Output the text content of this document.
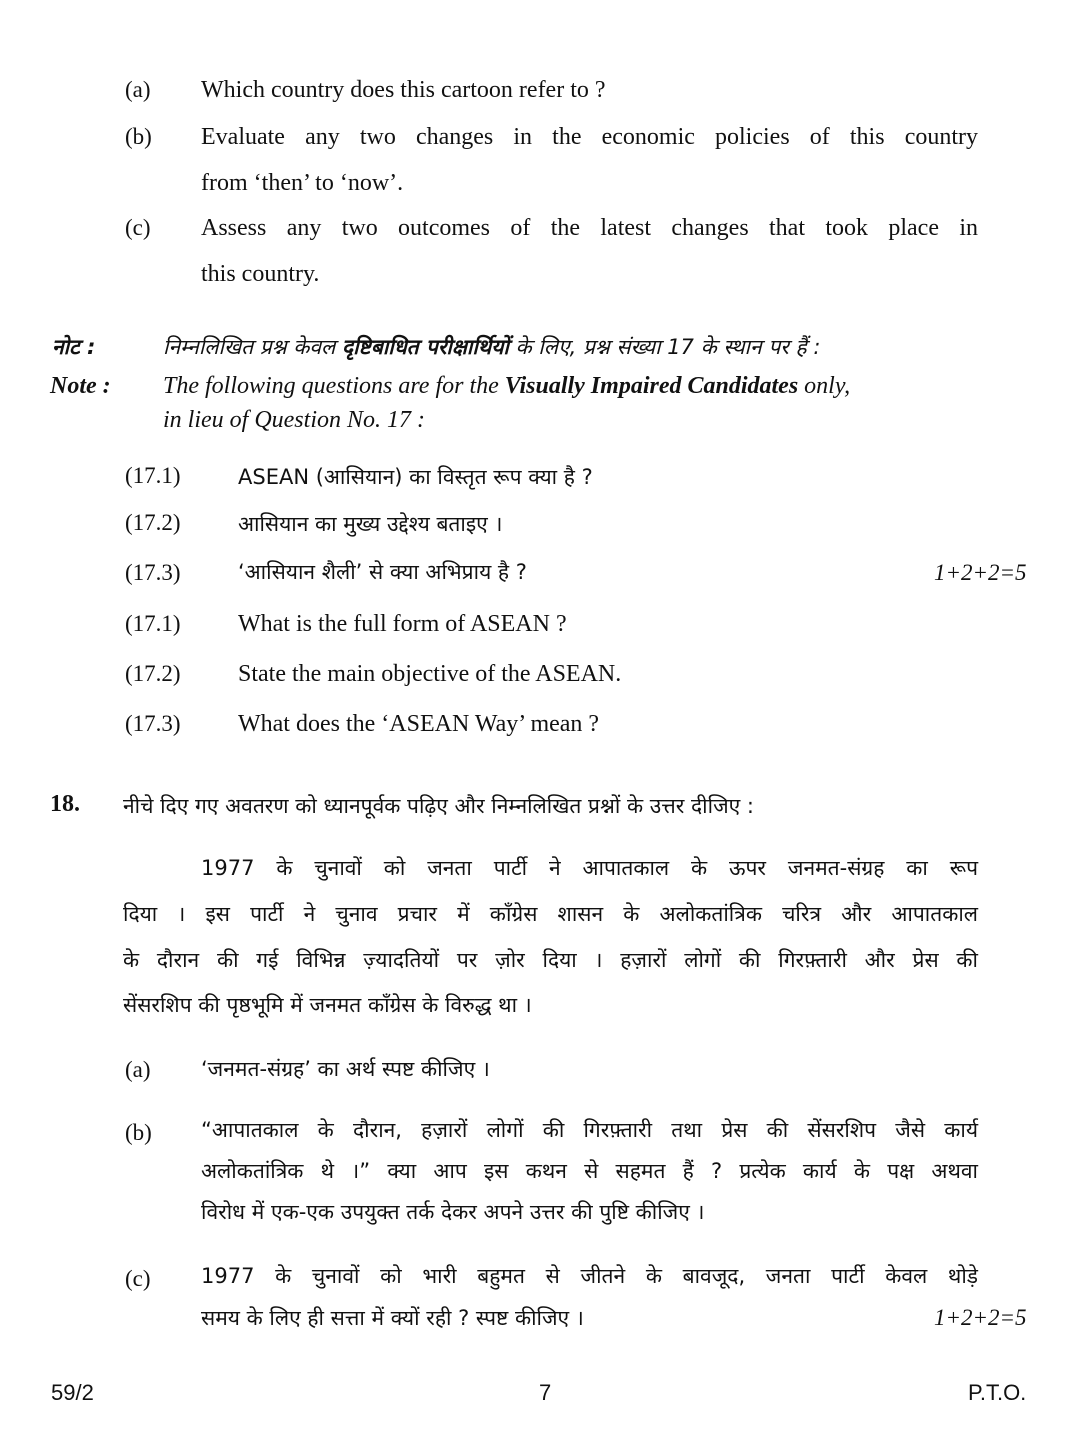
(a) Which country does this cartoon refer to ?
(b) Evaluate any two changes in the economic policies of this country
from ‘then’ to ‘now’.
(c) Assess any two outcomes of the latest changes that took place in
this country.
नोट :	निम्नलिखित प्रश्न केवल दृष्टिबाधित परीक्षार्थियों के लिए, प्रश्न संख्या 17 के स्थान पर हैं :
Note : The following questions are for the Visually Impaired Candidates only,
in lieu of Question No. 17 :
(17.1)	ASEAN (आसियान) का विस्तृत रूप क्या है ?
(17.2)	आसियान का मुख्य उद्देश्य बताइए ।
(17.3)	‘आसियान शैली’ से क्या अभिप्राय है ?	1+2+2=5
(17.1) What is the full form of ASEAN ?
(17.2) State the main objective of the ASEAN.
(17.3) What does the ‘ASEAN Way’ mean ?
18. नीचे दिए गए अवतरण को ध्यानपूर्वक पढ़िए और निम्नलिखित प्रश्नों के उत्तर दीजिए :
1977 के चुनावों को जनता पार्टी ने आपातकाल के ऊपर जनमत-संग्रह का रूप
दिया । इस पार्टी ने चुनाव प्रचार में काँग्रेस शासन के अलोकतांत्रिक चरित्र और आपातकाल
के दौरान की गई विभिन्न ज़्यादतियों पर ज़ोर दिया । हज़ारों लोगों की गिरफ़्तारी और प्रेस की
सेंसरशिप की पृष्ठभूमि में जनमत काँग्रेस के विरुद्ध था ।
(a) ‘जनमत-संग्रह’ का अर्थ स्पष्ट कीजिए ।
(b) “आपातकाल के दौरान, हज़ारों लोगों की गिरफ़्तारी तथा प्रेस की सेंसरशिप जैसे कार्य
अलोकतांत्रिक थे ।” क्या आप इस कथन से सहमत हैं ? प्रत्येक कार्य के पक्ष अथवा
विरोध में एक-एक उपयुक्त तर्क देकर अपने उत्तर की पुष्टि कीजिए ।
(c) 1977 के चुनावों को भारी बहुमत से जीतने के बावजूद, जनता पार्टी केवल थोड़े
समय के लिए ही सत्ता में क्यों रही ? स्पष्ट कीजिए ।	1+2+2=5
59/2	7	P.T.O.
